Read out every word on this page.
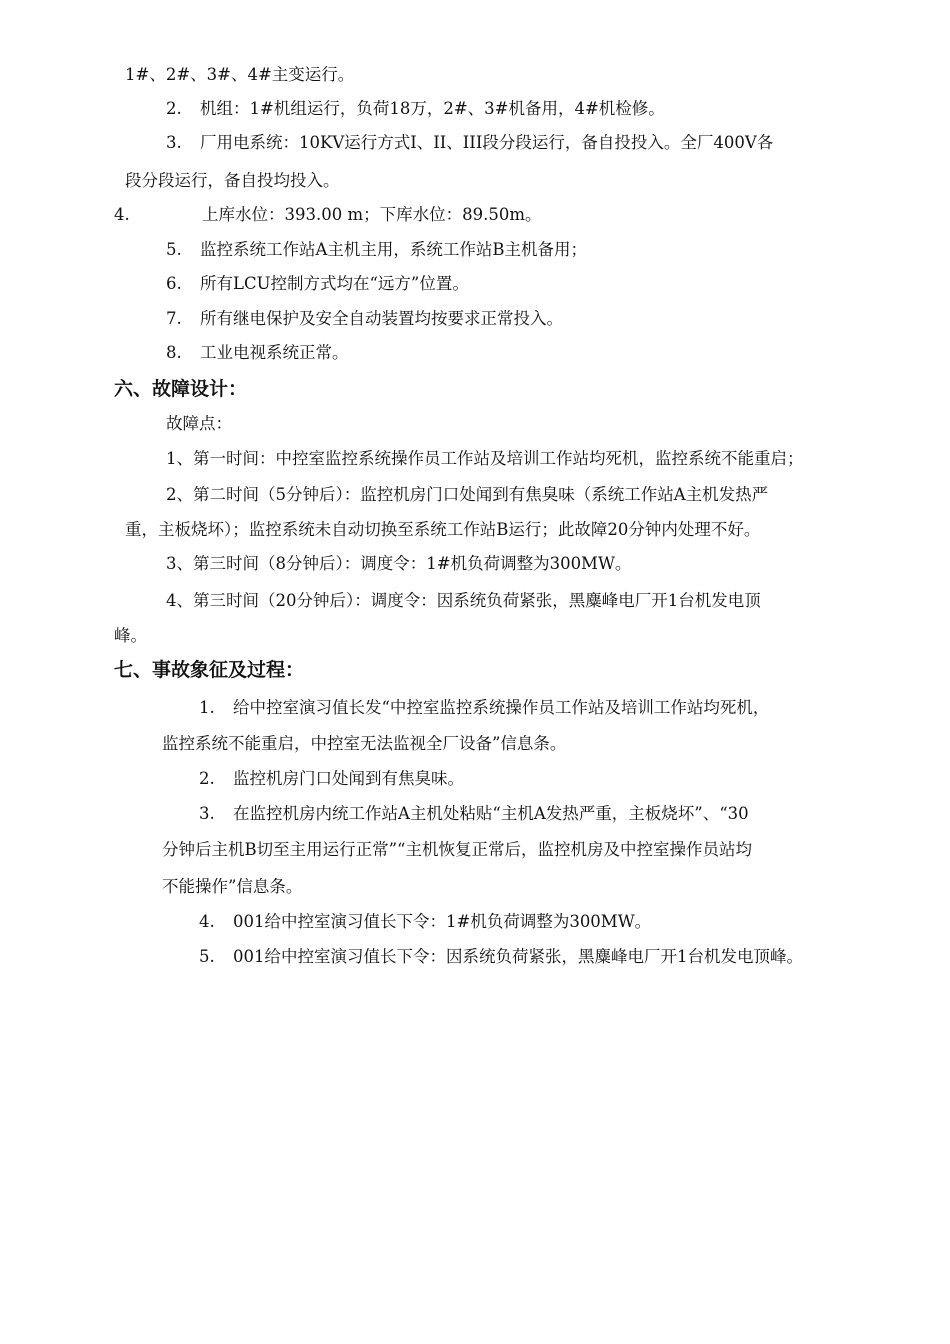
1#、2#、3#、4#主变运行。
2. 机组：1#机组运行，负荷18万，2#、3#机备用，4#机检修。
3. 厂用电系统：10KV运行方式I、II、III段分段运行，备自投投入。全厂400V各
段分段运行，备自投均投入。
4.	上库水位：393.00 m；下库水位：89.50m。
5. 监控系统工作站A主机主用，系统工作站B主机备用；
6. 所有LCU控制方式均在“远方”位置。
7. 所有继电保护及安全自动装置均按要求正常投入。
8. 工业电视系统正常。
六、故障设计：
故障点：
1、第一时间：中控室监控系统操作员工作站及培训工作站均死机，监控系统不能重启；
2、第二时间（5分钟后）：监控机房门口处闻到有焦臭味（系统工作站A主机发热严
重，主板烧坏）；监控系统未自动切换至系统工作站B运行；此故障20分钟内处理不好。
3、第三时间（8分钟后）：调度令：1#机负荷调整为300MW。
4、第三时间（20分钟后）：调度令：因系统负荷紧张，黑麋峰电厂开1台机发电顶
峰。
七、事故象征及过程：
1. 给中控室演习值长发“中控室监控系统操作员工作站及培训工作站均死机，
监控系统不能重启，中控室无法监视全厂设备”信息条。
2. 监控机房门口处闻到有焦臭味。
3. 在监控机房内统工作站A主机处粘贴“主机A发热严重，主板烧坏”、“30
分钟后主机B切至主用运行正常”“主机恢复正常后，监控机房及中控室操作员站均
不能操作”信息条。
4. 001给中控室演习值长下令：1#机负荷调整为300MW。
5. 001给中控室演习值长下令：因系统负荷紧张，黑麋峰电厂开1台机发电顶峰。
